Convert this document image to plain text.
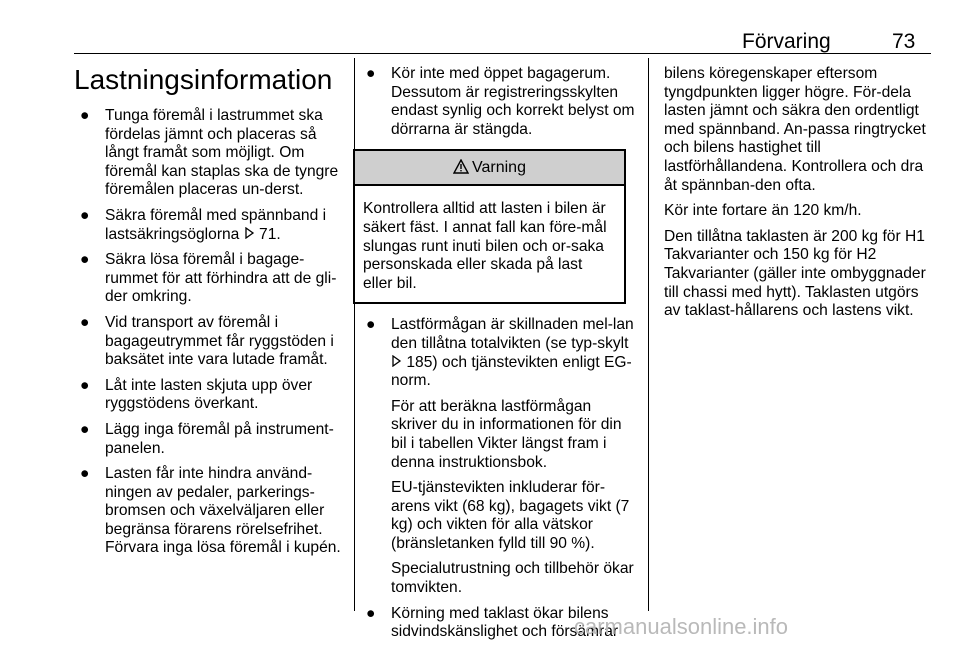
Förvaring	73
Lastningsinformation
● Tunga föremål i lastrummet ska fördelas jämnt och placeras så långt framåt som möjligt. Om föremål kan staplas ska de tyngre föremålen placeras un-derst.
● Säkra föremål med spännband i lastsäkringsöglorna 71.
● Säkra lösa föremål i bagage-rummet för att förhindra att de gli-der omkring.
● Vid transport av föremål i bagageutrymmet får ryggstöden i baksätet inte vara lutade framåt.
● Låt inte lasten skjuta upp över ryggstödens överkant.
● Lägg inga föremål på instrument-panelen.
● Lasten får inte hindra använd-ningen av pedaler, parkerings-bromsen och växelväljaren eller begränsa förarens rörelsefrihet. Förvara inga lösa föremål i kupén.
● Kör inte med öppet bagagerum. Dessutom är registreringsskylten endast synlig och korrekt belyst om dörrarna är stängda.
Varning
Kontrollera alltid att lasten i bilen är säkert fäst. I annat fall kan före-mål slungas runt inuti bilen och or-saka personskada eller skada på last eller bil.
● Lastförmågan är skillnaden mel-lan den tillåtna totalvikten (se typ-skylt  185) och tjänstevikten enligt EG-norm.
För att beräkna lastförmågan skriver du in informationen för din bil i tabellen Vikter längst fram i denna instruktionsbok.
EU-tjänstevikten inkluderar för-arens vikt (68 kg), bagagets vikt (7 kg) och vikten för alla vätskor (bränsletanken fylld till 90 %).
Specialutrustning och tillbehör ökar tomvikten.
● Körning med taklast ökar bilens sidvindskänslighet och försämrar
bilens köregenskaper eftersom tyngdpunkten ligger högre. För-dela lasten jämnt och säkra den ordentligt med spännband. An-passa ringtrycket och bilens hastighet till lastförhållandena. Kontrollera och dra åt spännban-den ofta.
Kör inte fortare än 120 km/h.
Den tillåtna taklasten är 200 kg för H1 Takvarianter och 150 kg för H2 Takvarianter (gäller inte ombyggnader till chassi med hytt). Taklasten utgörs av taklast-hållarens och lastens vikt.
carmanualsonline.info
